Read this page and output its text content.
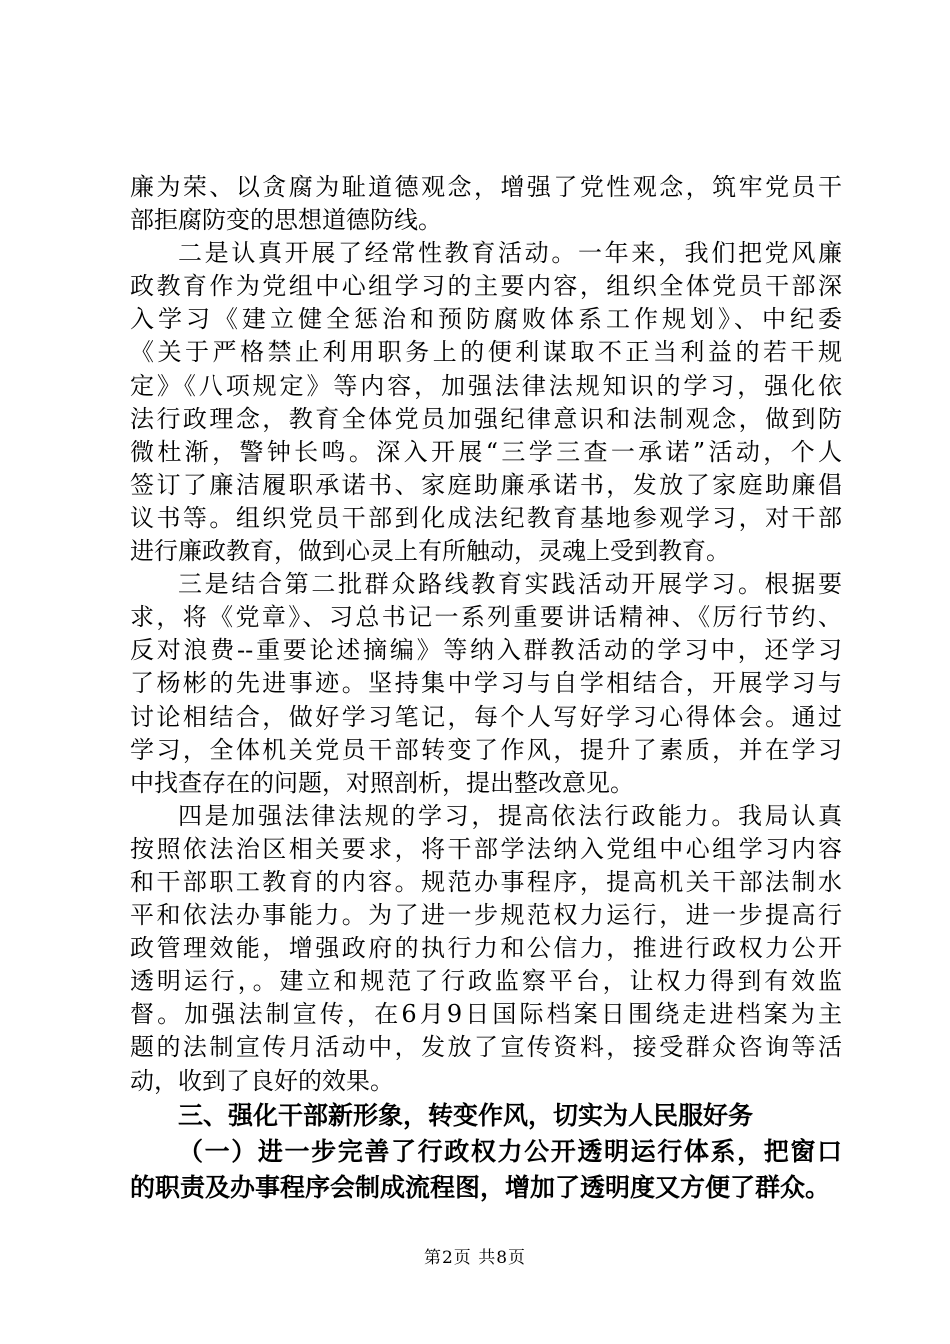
廉为荣、以贪腐为耻道德观念，增强了党性观念，筑牢党员干
部拒腐防变的思想道德防线。
二是认真开展了经常性教育活动。一年来，我们把党风廉
政教育作为党组中心组学习的主要内容，组织全体党员干部深
入学习《建立健全惩治和预防腐败体系工作规划》、中纪委
《关于严格禁止利用职务上的便利谋取不正当利益的若干规
定》《八项规定》等内容，加强法律法规知识的学习，强化依
法行政理念，教育全体党员加强纪律意识和法制观念，做到防
微杜渐，警钟长鸣。深入开展“三学三查一承诺”活动，个人
签订了廉洁履职承诺书、家庭助廉承诺书，发放了家庭助廉倡
议书等。组织党员干部到化成法纪教育基地参观学习，对干部
进行廉政教育，做到心灵上有所触动，灵魂上受到教育。
三是结合第二批群众路线教育实践活动开展学习。根据要
求，将《党章》、习总书记一系列重要讲话精神、《厉行节约、
反对浪费--重要论述摘编》等纳入群教活动的学习中，还学习
了杨彬的先进事迹。坚持集中学习与自学相结合，开展学习与
讨论相结合，做好学习笔记，每个人写好学习心得体会。通过
学习，全体机关党员干部转变了作风，提升了素质，并在学习
中找查存在的问题，对照剖析，提出整改意见。
四是加强法律法规的学习，提高依法行政能力。我局认真
按照依法治区相关要求，将干部学法纳入党组中心组学习内容
和干部职工教育的内容。规范办事程序，提高机关干部法制水
平和依法办事能力。为了进一步规范权力运行，进一步提高行
政管理效能，增强政府的执行力和公信力，推进行政权力公开
透明运行，。建立和规范了行政监察平台，让权力得到有效监
督。加强法制宣传，在6月9日国际档案日围绕走进档案为主
题的法制宣传月活动中，发放了宣传资料，接受群众咨询等活
动，收到了良好的效果。
三、强化干部新形象，转变作风，切实为人民服好务
（一）进一步完善了行政权力公开透明运行体系，把窗口
的职责及办事程序会制成流程图，增加了透明度又方便了群众。
第2页 共8页
